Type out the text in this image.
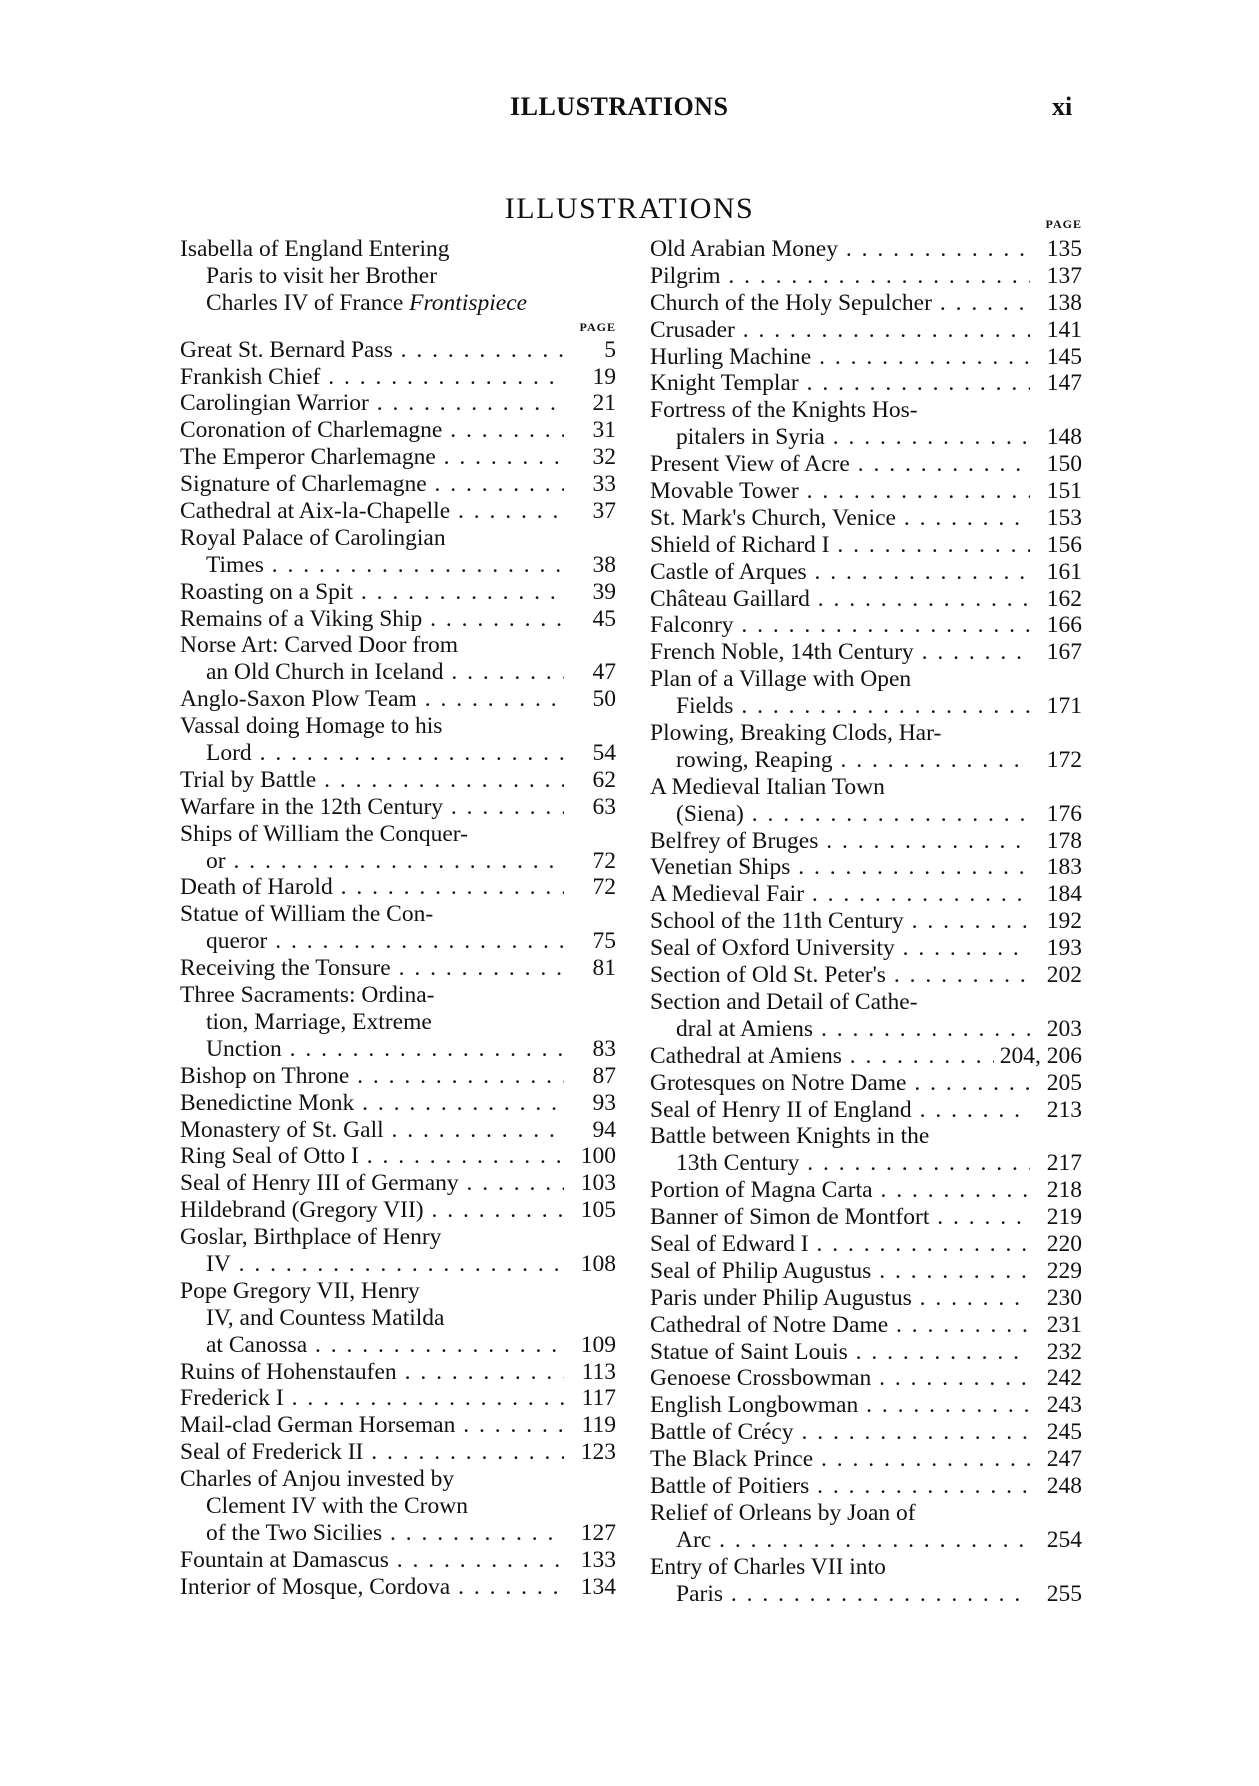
ILLUSTRATIONS	xi
ILLUSTRATIONS
Isabella of England Entering
Paris to visit her Brother
Charles IV of France Frontispiece
PAGE
Great St. Bernard Pass . . .	5
Frankish Chief . . .	19
Carolingian Warrior . . .	21
Coronation of Charlemagne . . .	31
The Emperor Charlemagne . . .	32
Signature of Charlemagne . . .	33
Cathedral at Aix-la-Chapelle . . .	37
Royal Palace of Carolingian
Times . . .	38
Roasting on a Spit . . .	39
Remains of a Viking Ship . . .	45
Norse Art: Carved Door from
an Old Church in Iceland . . .	47
Anglo-Saxon Plow Team . . .	50
Vassal doing Homage to his
Lord . . .	54
Trial by Battle . . .	62
Warfare in the 12th Century . . .	63
Ships of William the Conquer-
or . . .	72
Death of Harold . . .	72
Statue of William the Con-
queror . . .	75
Receiving the Tonsure . . .	81
Three Sacraments: Ordina-
tion, Marriage, Extreme
Unction . . .	83
Bishop on Throne . . .	87
Benedictine Monk . . .	93
Monastery of St. Gall . . .	94
Ring Seal of Otto I . . .	100
Seal of Henry III of Germany . . .	103
Hildebrand (Gregory VII) . . .	105
Goslar, Birthplace of Henry
IV . . .	108
Pope Gregory VII, Henry
IV, and Countess Matilda
at Canossa . . .	109
Ruins of Hohenstaufen . . .	113
Frederick I . . .	117
Mail-clad German Horseman . . .	119
Seal of Frederick II . . .	123
Charles of Anjou invested by
Clement IV with the Crown
of the Two Sicilies . . .	127
Fountain at Damascus . . .	133
Interior of Mosque, Cordova . . .	134
PAGE
Old Arabian Money . . .	135
Pilgrim . . .	137
Church of the Holy Sepulcher . . .	138
Crusader . . .	141
Hurling Machine . . .	145
Knight Templar . . .	147
Fortress of the Knights Hos-
pitalers in Syria . . .	148
Present View of Acre . . .	150
Movable Tower . . .	151
St. Mark's Church, Venice . . .	153
Shield of Richard I . . .	156
Castle of Arques . . .	161
Château Gaillard . . .	162
Falconry . . .	166
French Noble, 14th Century . . .	167
Plan of a Village with Open
Fields . . .	171
Plowing, Breaking Clods, Har-
rowing, Reaping . . .	172
A Medieval Italian Town
(Siena) . . .	176
Belfrey of Bruges . . .	178
Venetian Ships . . .	183
A Medieval Fair . . .	184
School of the 11th Century . . .	192
Seal of Oxford University . . .	193
Section of Old St. Peter's . . .	202
Section and Detail of Cathe-
dral at Amiens . . .	203
Cathedral at Amiens . . .	204, 206
Grotesques on Notre Dame . . .	205
Seal of Henry II of England . . .	213
Battle between Knights in the
13th Century . . .	217
Portion of Magna Carta . . .	218
Banner of Simon de Montfort . . .	219
Seal of Edward I . . .	220
Seal of Philip Augustus . . .	229
Paris under Philip Augustus . . .	230
Cathedral of Notre Dame . . .	231
Statue of Saint Louis . . .	232
Genoese Crossbowman . . .	242
English Longbowman . . .	243
Battle of Crécy . . .	245
The Black Prince . . .	247
Battle of Poitiers . . .	248
Relief of Orleans by Joan of
Arc . . .	254
Entry of Charles VII into
Paris . . .	255
